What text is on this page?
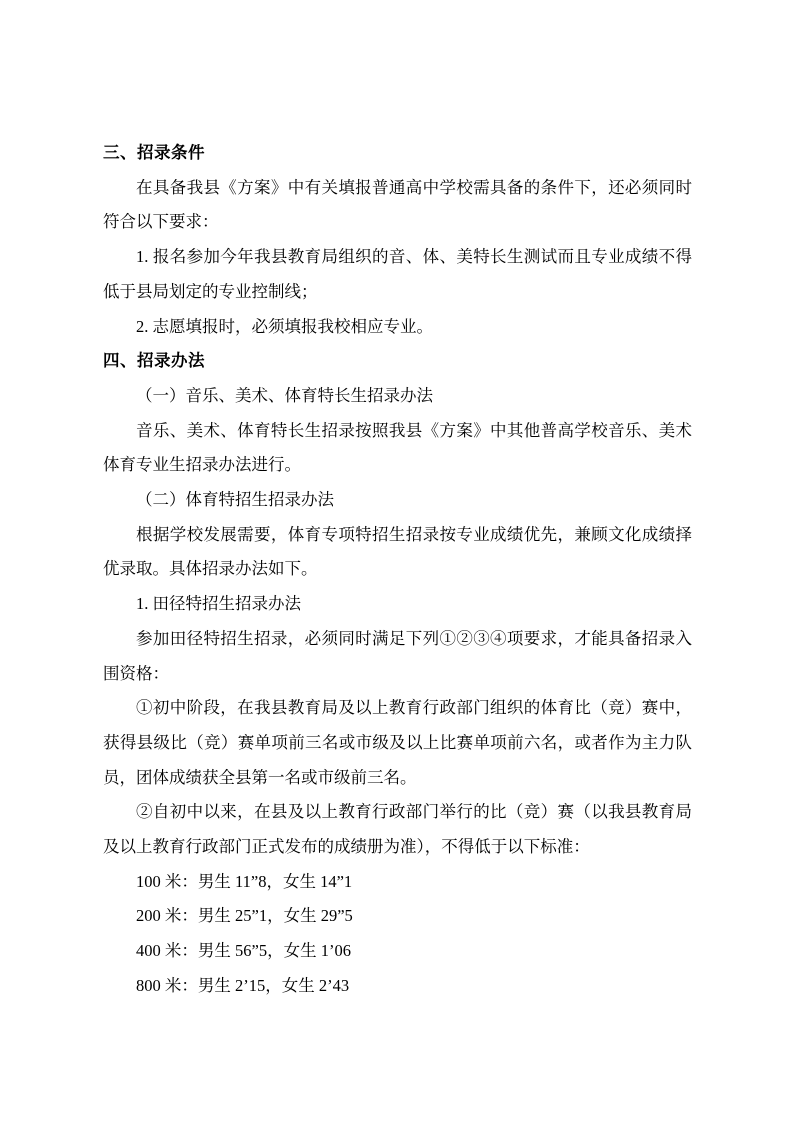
三、招录条件

在具备我县《方案》中有关填报普通高中学校需具备的条件下，还必须同时符合以下要求：

1. 报名参加今年我县教育局组织的音、体、美特长生测试而且专业成绩不得低于县局划定的专业控制线；

2. 志愿填报时，必须填报我校相应专业。

四、招录办法

（一）音乐、美术、体育特长生招录办法

音乐、美术、体育特长生招录按照我县《方案》中其他普高学校音乐、美术体育专业生招录办法进行。

（二）体育特招生招录办法

根据学校发展需要，体育专项特招生招录按专业成绩优先，兼顾文化成绩择优录取。具体招录办法如下。

1. 田径特招生招录办法

参加田径特招生招录，必须同时满足下列①②③④项要求，才能具备招录入围资格：

①初中阶段，在我县教育局及以上教育行政部门组织的体育比（竞）赛中，获得县级比（竞）赛单项前三名或市级及以上比赛单项前六名，或者作为主力队员，团体成绩获全县第一名或市级前三名。

②自初中以来，在县及以上教育行政部门举行的比（竞）赛（以我县教育局及以上教育行政部门正式发布的成绩册为准），不得低于以下标准：

100 米：男生 11”8，女生 14”1

200 米：男生 25”1，女生 29”5

400 米：男生 56”5，女生 1’06

800 米：男生 2’15，女生 2’43
